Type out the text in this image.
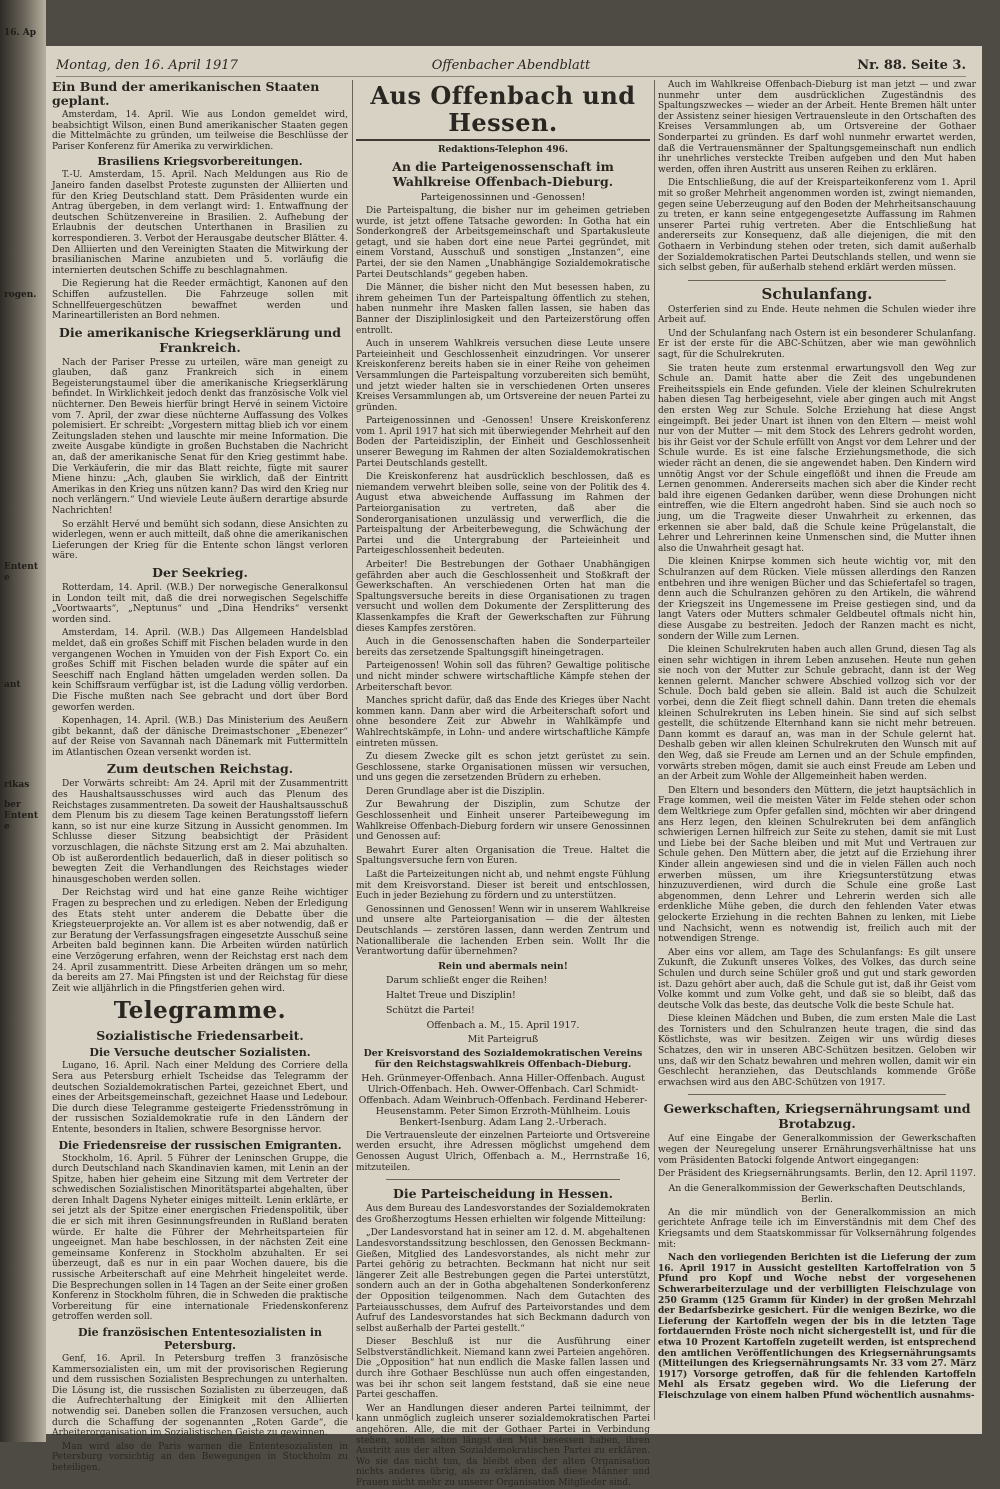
16. Ap
rogen.
Entente
ant
rikas
ber Entente
Montag, den 16. April 1917	Offenbacher Abendblatt	Nr. 88. Seite 3.
Ein Bund der amerikanischen Staaten geplant.

Amsterdam, 14. April. Wie aus London gemeldet wird, beabsichtigt Wilson, einen Bund amerikanischer Staaten gegen die Mittelmächte zu gründen, um teilweise die Beschlüsse der Pariser Konferenz für Amerika zu verwirklichen.

Brasiliens Kriegsvorbereitungen.

T.-U. Amsterdam, 15. April. Nach Meldungen aus Rio de Janeiro fanden daselbst Proteste zugunsten der Alliierten und für den Krieg Deutschland statt. Dem Präsidenten wurde ein Antrag übergeben, in dem verlangt wird: 1. Entwaffnung der deutschen Schützenvereine in Brasilien. 2. Aufhebung der Erlaubnis der deutschen Unterthanen in Brasilien zu korrespondieren. 3. Verbot der Herausgabe deutscher Blätter. 4. Den Alliierten und den Vereinigten Staaten die Mitwirkung der brasilianischen Marine anzubieten und 5. vorläufig die internierten deutschen Schiffe zu beschlagnahmen.

Die Regierung hat die Reeder ermächtigt, Kanonen auf den Schiffen aufzustellen. Die Fahrzeuge sollen mit Schnellfeuergeschützen bewaffnet werden und Marineartilleristen an Bord nehmen.

Die amerikanische Kriegserklärung und Frankreich.

Nach der Pariser Presse zu urteilen, wäre man geneigt zu glauben, daß ganz Frankreich sich in einem Begeisterungstaumel über die amerikanische Kriegserklärung befindet. In Wirklichkeit jedoch denkt das französische Volk viel nüchterner. Den Beweis hierfür bringt Hervé in seinem Victoire vom 7. April, der zwar diese nüchterne Auffassung des Volkes polemisiert. Er schreibt: „Vorgestern mittag blieb ich vor einem Zeitungsladen stehen und lauschte mir meine Information. Die zweite Ausgabe kündigte in großen Buchstaben die Nachricht an, daß der amerikanische Senat für den Krieg gestimmt habe. Die Verkäuferin, die mir das Blatt reichte, fügte mit saurer Miene hinzu: „Ach, glauben Sie wirklich, daß der Eintritt Amerikas in den Krieg uns nützen kann? Das wird den Krieg nur noch verlängern.“ Und wieviele Leute äußern derartige absurde Nachrichten!

So erzählt Hervé und bemüht sich sodann, diese Ansichten zu widerlegen, wenn er auch mitteilt, daß ohne die amerikanischen Lieferungen der Krieg für die Entente schon längst verloren wäre.

Der Seekrieg.

Rotterdam, 14. April. (W.B.) Der norwegische Generalkonsul in London teilt mit, daß die drei norwegischen Segelschiffe „Voortwaarts“, „Neptunus“ und „Dina Hendriks“ versenkt worden sind.

Amsterdam, 14. April. (W.B.) Das Allgemeen Handelsblad meldet, daß ein großes Schiff mit Fischen beladen wurde in den vergangenen Wochen in Ymuiden von der Fish Export Co. ein großes Schiff mit Fischen beladen wurde die später auf ein Seeschiff nach England hätten umgeladen werden sollen. Da kein Schiffsraum verfügbar ist, ist die Ladung völlig verdorben. Die Fische mußten nach See gebracht und dort über Bord geworfen werden.

Kopenhagen, 14. April. (W.B.) Das Ministerium des Aeußern gibt bekannt, daß der dänische Dreimastschoner „Ebenezer“ auf der Reise von Savannah nach Dänemark mit Futtermitteln im Atlantischen Ozean versenkt worden ist.

Zum deutschen Reichstag.

Der Vorwärts schreibt: Am 24. April mit der Zusammentritt des Haushaltsausschusses wird auch das Plenum des Reichstages zusammentreten. Da soweit der Haushaltsausschuß dem Plenum bis zu diesem Tage keinen Beratungsstoff liefern kann, so ist nur eine kurze Sitzung in Aussicht genommen. Im Schlusse dieser Sitzung beabsichtigt der Präsident vorzuschlagen, die nächste Sitzung erst am 2. Mai abzuhalten. Ob ist außerordentlich bedauerlich, daß in dieser politisch so bewegten Zeit die Verhandlungen des Reichstages wieder hinausgeschoben werden sollen.

Der Reichstag wird und hat eine ganze Reihe wichtiger Fragen zu besprechen und zu erledigen. Neben der Erledigung des Etats steht unter anderem die Debatte über die Kriegsteuerprojekte an. Vor allem ist es aber notwendig, daß er zur Beratung der Verfassungsfragen eingesetzte Ausschuß seine Arbeiten bald beginnen kann. Die Arbeiten würden natürlich eine Verzögerung erfahren, wenn der Reichstag erst nach dem 24. April zusammentritt. Diese Arbeiten drängen um so mehr, da bereits am 27. Mai Pfingsten ist und der Reichstag für diese Zeit wie alljährlich in die Pfingstferien gehen wird.

Telegramme.
Sozialistische Friedensarbeit.
Die Versuche deutscher Sozialisten.

Lugano, 16. April. Nach einer Meldung des Corriere della Sera aus Petersburg erhielt Tscheidse das Telegramm der deutschen Sozialdemokratischen Partei, gezeichnet Ebert, und eines der Arbeitsgemeinschaft, gezeichnet Haase und Ledebour. Die durch diese Telegramme gesteigerte Friedensströmung in der russischen Sozialdemokratie rufe in den Ländern der Entente, besonders in Italien, schwere Besorgnisse hervor.

Die Friedensreise der russischen Emigranten.

Stockholm, 16. April. 5 Führer der Leninschen Gruppe, die durch Deutschland nach Skandinavien kamen, mit Lenin an der Spitze, haben hier geheim eine Sitzung mit dem Vertreter der schwedischen Sozialistischen Minoritätspartei abgehalten, über deren Inhalt Dagens Nyheter einiges mitteilt. Lenin erklärte, er sei jetzt als der Spitze einer energischen Friedenspolitik, über die er sich mit ihren Gesinnungsfreunden in Rußland beraten würde. Er halte die Führer der Mehrheitsparteien für ungeeignet. Man habe beschlossen, in der nächsten Zeit eine gemeinsame Konferenz in Stockholm abzuhalten. Er sei überzeugt, daß es nur in ein paar Wochen dauere, bis die russische Arbeiterschaft auf eine Mehrheit hingeleitet werde. Die Besprechungen sollen in 14 Tagen an der Seite einer großen Konferenz in Stockholm führen, die in Schweden die praktische Vorbereitung für eine internationale Friedenskonferenz getroffen werden soll.

Die französischen Ententesozialisten in Petersburg.

Genf, 16. April. In Petersburg treffen 3 französische Kammersozialisten ein, um mit der provisorischen Regierung und dem russischen Sozialisten Besprechungen zu unterhalten. Die Lösung ist, die russischen Sozialisten zu überzeugen, daß die Aufrechterhaltung der Einigkeit mit den Alliierten notwendig sei. Daneben sollen die Franzosen versuchen, auch durch die Schaffung der sogenannten „Roten Garde“, die Arbeiterorganisation im Sozialistischen Geiste zu gewinnen.

Man wird also de Paris warnen die Ententesozialisten in Petersburg vorsichtig an den Bewegungen in Stockholm zu beteiligen.

Aus Offenbach und Hessen.
Redaktions-Telephon 496.
An die Parteigenossenschaft im Wahlkreise Offenbach-Dieburg.
Parteigenossinnen und -Genossen!

Die Parteispaltung, die bisher nur im geheimen getrieben wurde, ist jetzt offene Tatsache geworden: In Gotha hat ein Sonderkongreß der Arbeitsgemeinschaft und Spartakusleute getagt, und sie haben dort eine neue Partei gegründet, mit einem Vorstand, Ausschuß und sonstigen „Instanzen“, eine Partei, der sie den Namen „Unabhängige Sozialdemokratische Partei Deutschlands“ gegeben haben.

Die Männer, die bisher nicht den Mut besessen haben, zu ihrem geheimen Tun der Parteispaltung öffentlich zu stehen, haben nunmehr ihre Masken fallen lassen, sie haben das Banner der Disziplinlosigkeit und den Parteizerstörung offen entrollt.

Auch in unserem Wahlkreis versuchen diese Leute unsere Parteieinheit und Geschlossenheit einzudringen. Vor unserer Kreiskonferenz bereits haben sie in einer Reihe von geheimen Versammlungen die Parteispaltung vorzubereiten sich bemüht, und jetzt wieder halten sie in verschiedenen Orten unseres Kreises Versammlungen ab, um Ortsvereine der neuen Partei zu gründen.

Parteigenossinnen und -Genossen! Unsere Kreiskonferenz vom 1. April 1917 hat sich mit überwiegender Mehrheit auf den Boden der Parteidisziplin, der Einheit und Geschlossenheit unserer Bewegung im Rahmen der alten Sozialdemokratischen Partei Deutschlands gestellt.

Die Kreiskonferenz hat ausdrücklich beschlossen, daß es niemandem verwehrt bleiben solle, seine von der Politik des 4. August etwa abweichende Auffassung im Rahmen der Parteiorganisation zu vertreten, daß aber die Sonderorganisationen unzulässig und verwerflich, die die Parteispaltung der Arbeiterbewegung, die Schwächung der Partei und die Untergrabung der Parteieinheit und Parteigeschlossenheit bedeuten.

Arbeiter! Die Bestrebungen der Gothaer Unabhängigen gefährden aber auch die Geschlossenheit und Stoßkraft der Gewerkschaften. An verschiedenen Orten hat man die Spaltungsversuche bereits in diese Organisationen zu tragen versucht und wollen dem Dokumente der Zersplitterung des Klassenkampfes die Kraft der Gewerkschaften zur Führung dieses Kampfes zerstören.

Auch in die Genossenschaften haben die Sonderparteiler bereits das zersetzende Spaltungsgift hineingetragen.

Parteigenossen! Wohin soll das führen? Gewaltige politische und nicht minder schwere wirtschaftliche Kämpfe stehen der Arbeiterschaft bevor.

Manches spricht dafür, daß das Ende des Krieges über Nacht kommen kann. Dann aber wird die Arbeiterschaft sofort und ohne besondere Zeit zur Abwehr in Wahlkämpfe und Wahlrechtskämpfe, in Lohn- und andere wirtschaftliche Kämpfe eintreten müssen.

Zu diesem Zwecke gilt es schon jetzt gerüstet zu sein. Geschlossene, starke Organisationen müssen wir versuchen, und uns gegen die zersetzenden Brüdern zu erheben.

Deren Grundlage aber ist die Disziplin.

Zur Bewahrung der Disziplin, zum Schutze der Geschlossenheit und Einheit unserer Parteibewegung im Wahlkreise Offenbach-Dieburg fordern wir unsere Genossinnen und Genossen auf:

Bewahrt Eurer alten Organisation die Treue. Haltet die Spaltungsversuche fern von Euren.

Laßt die Parteizeitungen nicht ab, und nehmt engste Fühlung mit dem Kreisvorstand. Dieser ist bereit und entschlossen, Euch in jeder Beziehung zu fördern und zu unterstützen.

Genossinnen und Genossen! Wenn wir in unserem Wahlkreise und unsere alte Parteiorganisation — die der ältesten Deutschlands — zerstören lassen, dann werden Zentrum und Nationalliberale die lachenden Erben sein. Wollt Ihr die Verantwortung dafür übernehmen?

Rein und abermals nein!
Darum schließt enger die Reihen!
Haltet Treue und Disziplin!
Schützt die Partei!
Offenbach a. M., 15. April 1917.
Mit Parteigruß
Der Kreisvorstand des Sozialdemokratischen Vereins für den Reichstagswahlkreis Offenbach-Dieburg.
Heh. Grünmeyer-Offenbach. Anna Hiller-Offenbach. August Ulrich-Offenbach. Heh. Owwer-Offenbach. Carl Schmidt-Offenbach. Adam Weinbruch-Offenbach. Ferdinand Heberer-Heusenstamm. Peter Simon Erzroth-Mühlheim. Louis Benkert-Isenburg. Adam Lang 2.-Urberach.

Die Vertrauensleute der einzelnen Parteiorte und Ortsvereine werden ersucht, ihre Adressen möglichst umgehend dem Genossen August Ulrich, Offenbach a. M., Herrnstraße 16, mitzuteilen.

Die Parteischeidung in Hessen.

Aus dem Bureau des Landesvorstandes der Sozialdemokraten des Großherzogtums Hessen erhielten wir folgende Mitteilung:

„Der Landesvorstand hat in seiner am 12. d. M. abgehaltenen Landesvorstandssitzung beschlossen, den Genossen Beckmann-Gießen, Mitglied des Landesvorstandes, als nicht mehr zur Partei gehörig zu betrachten. Beckmann hat nicht nur seit längerer Zeit alle Bestrebungen gegen die Partei unterstützt, sondern auch an der in Gotha abgehaltenen Sonderkonferenz der Opposition teilgenommen. Nach dem Gutachten des Parteiausschusses, dem Aufruf des Parteivorstandes und dem Aufruf des Landesvorstandes hat sich Beckmann dadurch von selbst außerhalb der Partei gestellt.“

Dieser Beschluß ist nur die Ausführung einer Selbstverständlichkeit. Niemand kann zwei Parteien angehören. Die „Opposition“ hat nun endlich die Maske fallen lassen und durch ihre Gothaer Beschlüsse nun auch offen eingestanden, was bei ihr schon seit langem feststand, daß sie eine neue Partei geschaffen.

Wer an Handlungen dieser anderen Partei teilnimmt, der kann unmöglich zugleich unserer sozialdemokratischen Partei angehören. Alle, die mit der Gothaer Partei in Verbindung stehen, sollten schon längst den Mut besessen haben, ihren Austritt aus der alten Sozialdemokratischen Partei zu erklären. Wo sie das nicht tun, da bleibt eben der alten Organisation nichts anderes übrig, als zu erklären, daß diese Männer und Frauen nicht mehr zu unserer Organisation Mitglieder sind.

Auch im Wahlkreise Offenbach-Dieburg ist man jetzt — und zwar nunmehr unter dem ausdrücklichen Zugeständnis des Spaltungszweckes — wieder an der Arbeit. Hente Bremen hält unter der Assistenz seiner hiesigen Vertrauensleute in den Ortschaften des Kreises Versammlungen ab, um Ortsvereine der Gothaer Sonderpartei zu gründen. Es darf wohl nunmehr erwartet werden, daß die Vertrauensmänner der Spaltungsgemeinschaft nun endlich ihr unehrliches versteckte Treiben aufgeben und den Mut haben werden, offen ihren Austritt aus unseren Reihen zu erklären.

Die Entschließung, die auf der Kreisparteikonferenz vom 1. April mit so großer Mehrheit angenommen worden ist, zwingt niemanden, gegen seine Ueberzeugung auf den Boden der Mehrheitsanschauung zu treten, er kann seine entgegengesetzte Auffassung im Rahmen unserer Partei ruhig vertreten. Aber die Entschließung hat andererseits zur Konsequenz, daß alle diejenigen, die mit den Gothaern in Verbindung stehen oder treten, sich damit außerhalb der Sozialdemokratischen Partei Deutschlands stellen, und wenn sie sich selbst geben, für außerhalb stehend erklärt werden müssen.

Schulanfang.

Osterferien sind zu Ende. Heute nehmen die Schulen wieder ihre Arbeit auf.

Und der Schulanfang nach Ostern ist ein besonderer Schulanfang. Er ist der erste für die ABC-Schützen, aber wie man gewöhnlich sagt, für die Schulrekruten.

Sie traten heute zum erstenmal erwartungsvoll den Weg zur Schule an. Damit hatte aber die Zeit des ungebundenen Freiheitsspiels ein Ende gefunden. Viele der kleinen Schulrekruten haben diesen Tag herbeigesehnt, viele aber gingen auch mit Angst den ersten Weg zur Schule. Solche Erziehung hat diese Angst eingeimpft. Bei jeder Unart ist ihnen von den Eltern — meist wohl nur von der Mutter — mit dem Stock des Lehrers gedroht worden, bis ihr Geist vor der Schule erfüllt von Angst vor dem Lehrer und der Schule wurde. Es ist eine falsche Erziehungsmethode, die sich wieder rächt an denen, die sie angewendet haben. Den Kindern wird unnötig Angst vor der Schule eingeflößt und ihnen die Freude am Lernen genommen. Andererseits machen sich aber die Kinder recht bald ihre eigenen Gedanken darüber, wenn diese Drohungen nicht eintreffen, wie die Eltern angedroht haben. Sind sie auch noch so jung, um die Tragweite dieser Unwahrheit zu erkennen, das erkennen sie aber bald, daß die Schule keine Prügelanstalt, die Lehrer und Lehrerinnen keine Unmenschen sind, die Mutter ihnen also die Unwahrheit gesagt hat.

Die kleinen Knirpse kommen sich heute wichtig vor, mit den Schulranzen auf dem Rücken. Viele müssen allerdings den Ranzen entbehren und ihre wenigen Bücher und das Schiefertafel so tragen, denn auch die Schulranzen gehören zu den Artikeln, die während der Kriegszeit ins Ungemessene im Preise gestiegen sind, und da langt Vaters oder Mutters schmaler Geldbeutel oftmals nicht hin, diese Ausgabe zu bestreiten. Jedoch der Ranzen macht es nicht, sondern der Wille zum Lernen.

Die kleinen Schulrekruten haben auch allen Grund, diesen Tag als einen sehr wichtigen in ihrem Leben anzusehen. Heute nun gehen sie noch von der Mutter zur Schule gebracht, dann ist der Weg kennen gelernt. Mancher schwere Abschied vollzog sich vor der Schule. Doch bald geben sie allein. Bald ist auch die Schulzeit vorbei, denn die Zeit fliegt schnell dahin. Dann treten die ehemals kleinen Schulrekruten ins Leben hinein. Sie sind auf sich selbst gestellt, die schützende Elternhand kann sie nicht mehr betreuen. Dann kommt es darauf an, was man in der Schule gelernt hat. Deshalb geben wir allen kleinen Schulrekruten den Wunsch mit auf den Weg, daß sie Freude am Lernen und an der Schule empfinden, vorwärts streben mögen, damit sie auch einst Freude am Leben und an der Arbeit zum Wohle der Allgemeinheit haben werden.

Den Eltern und besonders den Müttern, die jetzt hauptsächlich in Frage kommen, weil die meisten Väter im Felde stehen oder schon dem Weltkriege zum Opfer gefallen sind, möchten wir aber dringend ans Herz legen, den kleinen Schulrekruten bei dem anfänglich schwierigen Lernen hilfreich zur Seite zu stehen, damit sie mit Lust und Liebe bei der Sache bleiben und mit Mut und Vertrauen zur Schule gehen. Den Müttern aber, die jetzt auf die Erziehung ihrer Kinder allein angewiesen sind und die in vielen Fällen auch noch erwerben müssen, um ihre Kriegsunterstützung etwas hinzuzuverdienen, wird durch die Schule eine große Last abgenommen, denn Lehrer und Lehrerin werden sich alle erdenkliche Mühe geben, die durch den fehlenden Vater etwas gelockerte Erziehung in die rechten Bahnen zu lenken, mit Liebe und Nachsicht, wenn es notwendig ist, freilich auch mit der notwendigen Strenge.

Aber eins vor allem, am Tage des Schulanfangs: Es gilt unsere Zukunft, die Zukunft unseres Volkes, des Volkes, das durch seine Schulen und durch seine Schüler groß und gut und stark geworden ist. Dazu gehört aber auch, daß die Schule gut ist, daß ihr Geist vom Volke kommt und zum Volke geht, und daß sie so bleibt, daß das deutsche Volk das beste, das deutsche Volk die beste Schule hat.

Diese kleinen Mädchen und Buben, die zum ersten Male die Last des Tornisters und den Schulranzen heute tragen, die sind das Köstlichste, was wir besitzen. Zeigen wir uns würdig dieses Schatzes, den wir in unseren ABC-Schützen besitzen. Geloben wir uns, daß wir den Schatz bewahren und mehren wollen, damit wir ein Geschlecht heranziehen, das Deutschlands kommende Größe erwachsen wird aus den ABC-Schützen von 1917.

Gewerkschaften, Kriegsernährungsamt und Brotabzug.

Auf eine Eingabe der Generalkommission der Gewerkschaften wegen der Neuregelung unserer Ernährungsverhältnisse hat uns vom Präsidenten Batocki folgende Antwort eingegangen:

Der Präsident des Kriegsernährungsamts. Berlin, den 12. April 1197.
An die Generalkommission der Gewerkschaften Deutschlands, Berlin.

An die mir mündlich von der Generalkommission an mich gerichtete Anfrage teile ich im Einverständnis mit dem Chef des Kriegsamts und dem Staatskommissar für Volksernährung folgendes mit:

Nach den vorliegenden Berichten ist die Lieferung der zum 16. April 1917 in Aussicht gestellten Kartoffelration von 5 Pfund pro Kopf und Woche nebst der vorgesehenen Schwerarbeiterzulage und der verbilligten Fleischzulage von 250 Gramm (125 Gramm für Kinder) in der großen Mehrzahl der Bedarfsbezirke gesichert. Für die wenigen Bezirke, wo die Lieferung der Kartoffeln wegen der bis in die letzten Tage fortdauernden Fröste noch nicht sichergestellt ist, und für die etwa 10 Prozent Kartoffeln zugeteilt werden, ist entsprechend den amtlichen Veröffentlichungen des Kriegsernährungsamts (Mitteilungen des Kriegsernährungsamts Nr. 33 vom 27. März 1917) Vorsorge getroffen, daß für die fehlenden Kartoffeln Mehl als Ersatz gegeben wird. Wo die Lieferung der Fleischzulage von einem halben Pfund wöchentlich ausnahms-
